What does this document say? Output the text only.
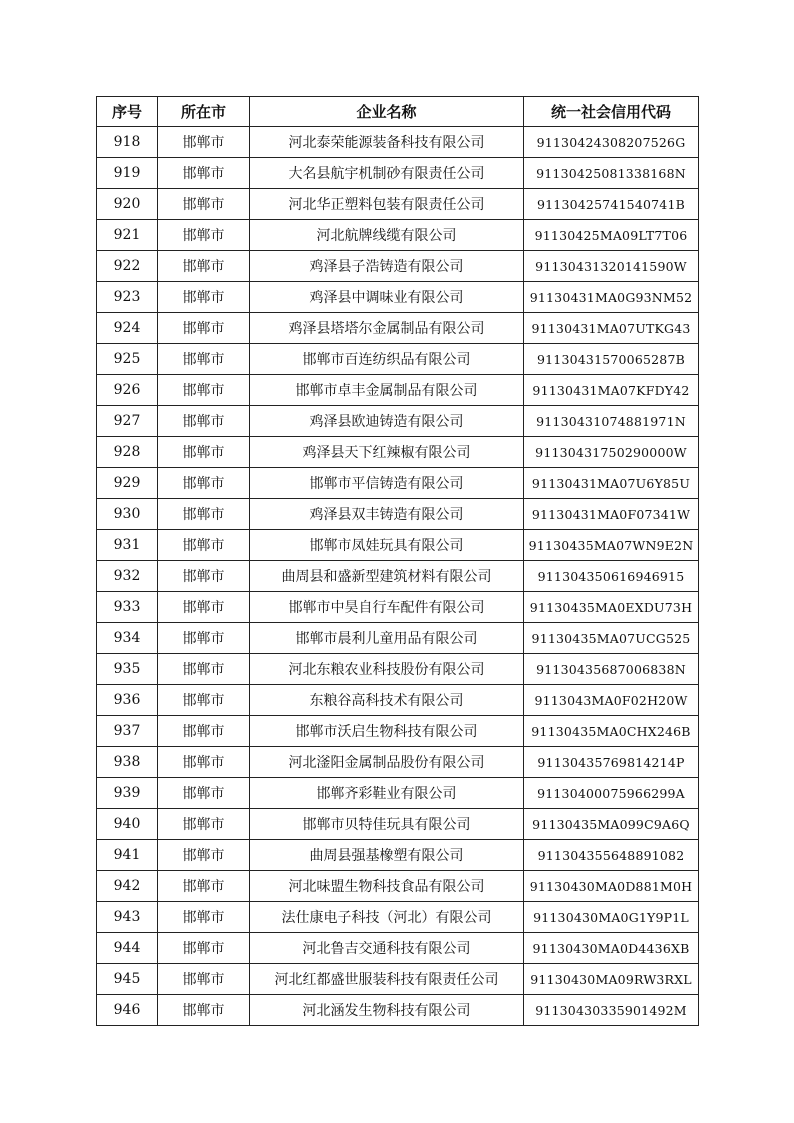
序号	所在市	企业名称	统一社会信用代码
918	邯郸市	河北泰荣能源装备科技有限公司	91130424308207526G
919	邯郸市	大名县航宇机制砂有限责任公司	91130425081338168N
920	邯郸市	河北华正塑料包装有限责任公司	91130425741540741B
921	邯郸市	河北航牌线缆有限公司	91130425MA09LT7T06
922	邯郸市	鸡泽县子浩铸造有限公司	91130431320141590W
923	邯郸市	鸡泽县中调味业有限公司	91130431MA0G93NM52
924	邯郸市	鸡泽县塔塔尔金属制品有限公司	91130431MA07UTKG43
925	邯郸市	邯郸市百连纺织品有限公司	91130431570065287B
926	邯郸市	邯郸市卓丰金属制品有限公司	91130431MA07KFDY42
927	邯郸市	鸡泽县欧迪铸造有限公司	91130431074881971N
928	邯郸市	鸡泽县天下红辣椒有限公司	91130431750290000W
929	邯郸市	邯郸市平信铸造有限公司	91130431MA07U6Y85U
930	邯郸市	鸡泽县双丰铸造有限公司	91130431MA0F07341W
931	邯郸市	邯郸市凤娃玩具有限公司	91130435MA07WN9E2N
932	邯郸市	曲周县和盛新型建筑材料有限公司	91130435061694691​5
933	邯郸市	邯郸市中昊自行车配件有限公司	91130435MA0EXDU73H
934	邯郸市	邯郸市晨利儿童用品有限公司	91130435MA07UCG525
935	邯郸市	河北东粮农业科技股份有限公司	91130435687006838N
936	邯郸市	东粮谷高科技术有限公司	9113043MA0F02H20W
937	邯郸市	邯郸市沃启生物科技有限公司	91130435MA0CHX246B
938	邯郸市	河北滏阳金属制品股份有限公司	91130435769814214P
939	邯郸市	邯郸齐彩鞋业有限公司	91130400075966299A
940	邯郸市	邯郸市贝特佳玩具有限公司	91130435MA099C9A6Q
941	邯郸市	曲周县强基橡塑有限公司	91130435564889108​2
942	邯郸市	河北味盟生物科技食品有限公司	91130430MA0D881M0H
943	邯郸市	法仕康电子科技（河北）有限公司	91130430MA0G1Y9P1L
944	邯郸市	河北鲁吉交通科技有限公司	91130430MA0D4436XB
945	邯郸市	河北红都盛世服装科技有限责任公司	91130430MA09RW3RXL
946	邯郸市	河北涵发生物科技有限公司	91130430335901492M
